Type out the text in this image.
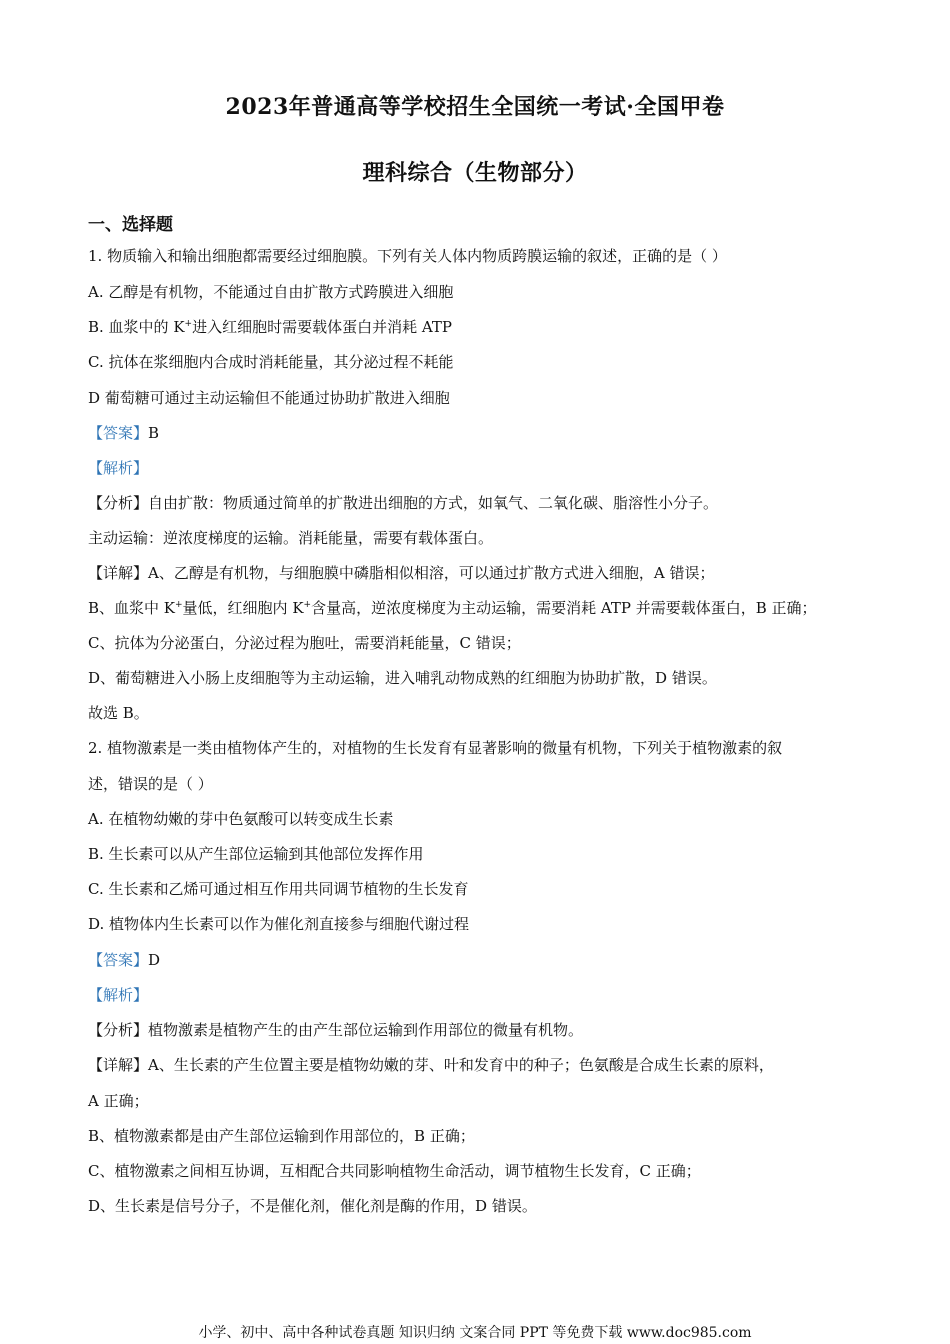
2023年普通高等学校招生全国统一考试·全国甲卷
理科综合（生物部分）
一、选择题
1. 物质输入和输出细胞都需要经过细胞膜。下列有关人体内物质跨膜运输的叙述，正确的是（ ）
A. 乙醇是有机物，不能通过自由扩散方式跨膜进入细胞
B. 血浆中的 K+进入红细胞时需要载体蛋白并消耗 ATP
C. 抗体在浆细胞内合成时消耗能量，其分泌过程不耗能
D 葡萄糖可通过主动运输但不能通过协助扩散进入细胞
【答案】B
【解析】
【分析】自由扩散：物质通过简单的扩散进出细胞的方式，如氧气、二氧化碳、脂溶性小分子。
主动运输：逆浓度梯度的运输。消耗能量，需要有载体蛋白。
【详解】A、乙醇是有机物，与细胞膜中磷脂相似相溶，可以通过扩散方式进入细胞，A 错误；
B、血浆中 K+量低，红细胞内 K+含量高，逆浓度梯度为主动运输，需要消耗 ATP 并需要载体蛋白，B 正确；
C、抗体为分泌蛋白，分泌过程为胞吐，需要消耗能量，C 错误；
D、葡萄糖进入小肠上皮细胞等为主动运输，进入哺乳动物成熟的红细胞为协助扩散，D 错误。
故选 B。
2. 植物激素是一类由植物体产生的，对植物的生长发育有显著影响的微量有机物，下列关于植物激素的叙
述，错误的是（ ）
A. 在植物幼嫩的芽中色氨酸可以转变成生长素
B. 生长素可以从产生部位运输到其他部位发挥作用
C. 生长素和乙烯可通过相互作用共同调节植物的生长发育
D. 植物体内生长素可以作为催化剂直接参与细胞代谢过程
【答案】D
【解析】
【分析】植物激素是植物产生的由产生部位运输到作用部位的微量有机物。
【详解】A、生长素的产生位置主要是植物幼嫩的芽、叶和发育中的种子；色氨酸是合成生长素的原料，
A 正确；
B、植物激素都是由产生部位运输到作用部位的，B 正确；
C、植物激素之间相互协调，互相配合共同影响植物生命活动，调节植物生长发育，C 正确；
D、生长素是信号分子，不是催化剂，催化剂是酶的作用，D 错误。
小学、初中、高中各种试卷真题 知识归纳 文案合同 PPT 等免费下载 www.doc985.com
